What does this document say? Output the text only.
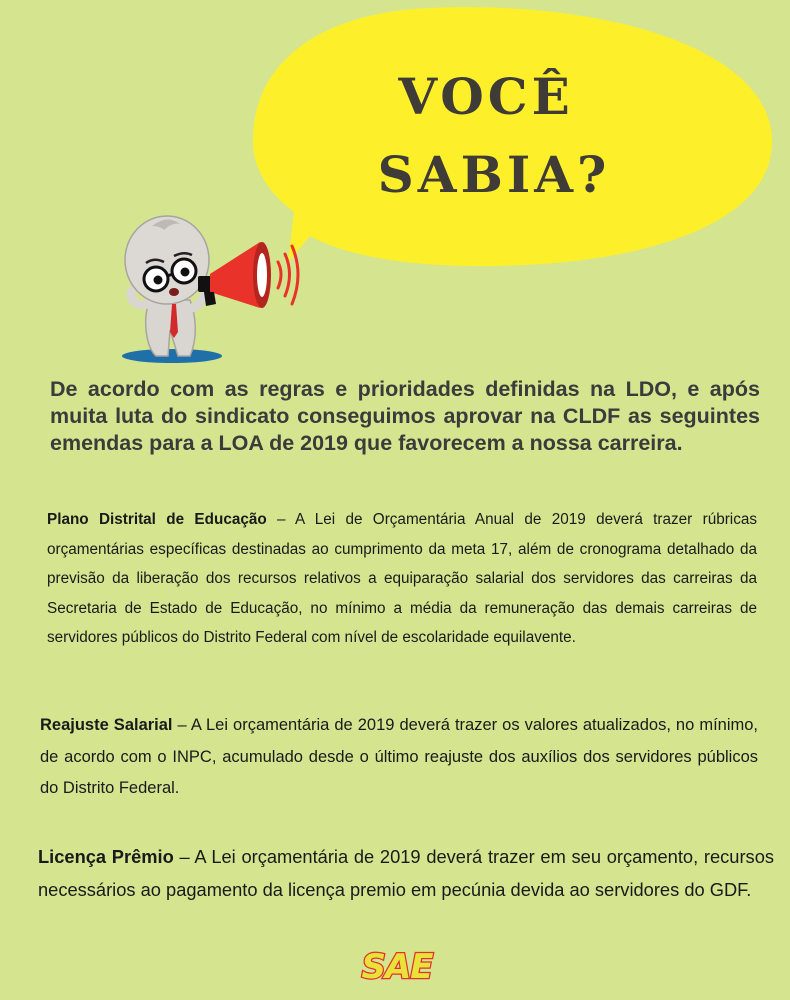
VOCÊ
SABIA?
De acordo com as regras e prioridades definidas na LDO, e após muita luta do sindicato conseguimos aprovar na CLDF as seguintes emendas para a LOA de 2019 que favorecem a nossa carreira.
Plano Distrital de Educação – A Lei de Orçamentária Anual de 2019 deverá trazer rúbricas orçamentárias específicas destinadas ao cumprimento da meta 17, além de cronograma detalhado da previsão da liberação dos recursos relativos a equiparação salarial dos servidores das carreiras da Secretaria de Estado de Educação, no mínimo a média da remuneração das demais carreiras de servidores públicos do Distrito Federal com nível de escolaridade equilavente.
Reajuste Salarial – A Lei orçamentária de 2019 deverá trazer os valores atualizados, no mínimo, de acordo com o INPC, acumulado desde o último reajuste dos auxílios dos servidores públicos do Distrito Federal.
Licença Prêmio – A Lei orçamentária de 2019 deverá trazer em seu orçamento, recursos necessários ao pagamento da licença premio em pecúnia devida ao servidores do GDF.
SAE
